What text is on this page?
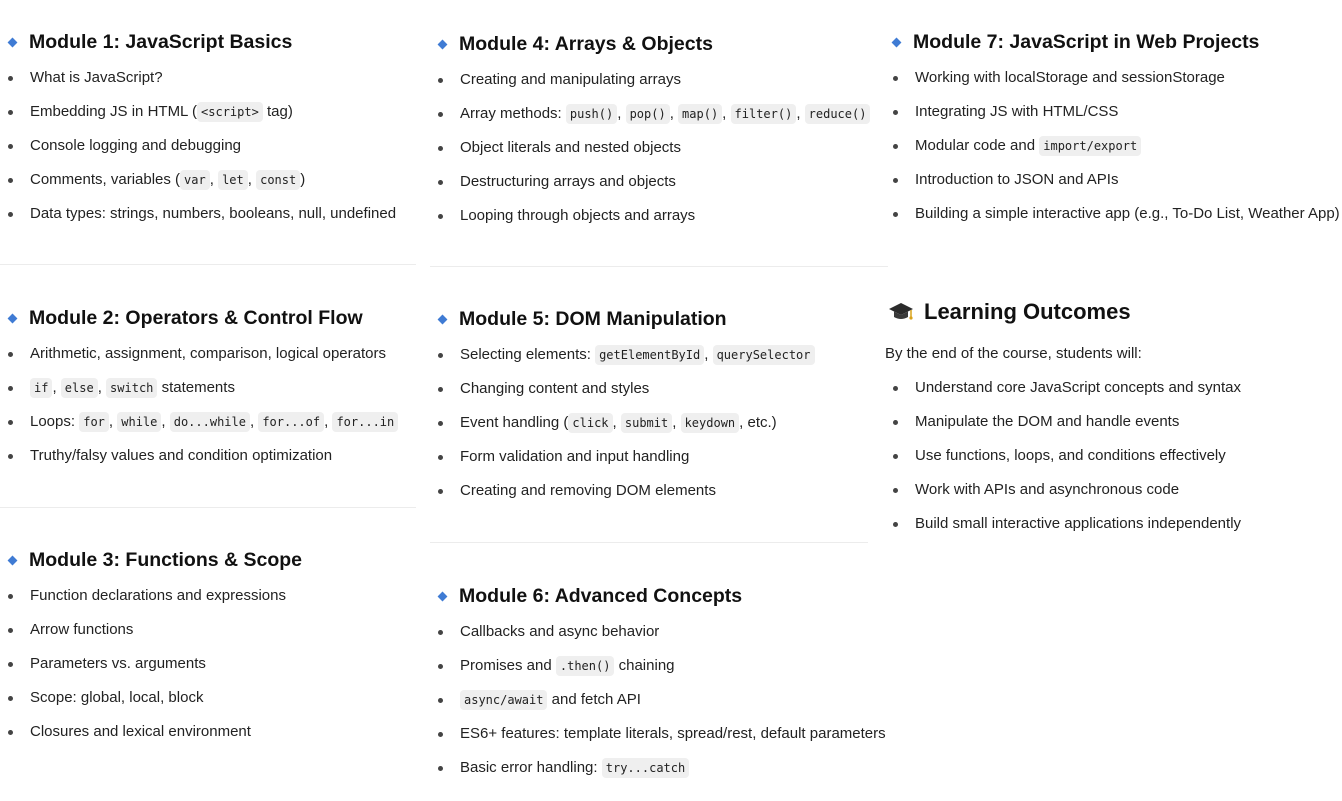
Module 1: JavaScript Basics
What is JavaScript?
Embedding JS in HTML ( <script> tag)
Console logging and debugging
Comments, variables ( var , let , const )
Data types: strings, numbers, booleans, null, undefined
Module 2: Operators & Control Flow
Arithmetic, assignment, comparison, logical operators
if , else , switch statements
Loops: for , while , do...while , for...of , for...in
Truthy/falsy values and condition optimization
Module 3: Functions & Scope
Function declarations and expressions
Arrow functions
Parameters vs. arguments
Scope: global, local, block
Closures and lexical environment
Module 4: Arrays & Objects
Creating and manipulating arrays
Array methods: push() , pop() , map() , filter() , reduce()
Object literals and nested objects
Destructuring arrays and objects
Looping through objects and arrays
Module 5: DOM Manipulation
Selecting elements: getElementById , querySelector
Changing content and styles
Event handling ( click , submit , keydown , etc.)
Form validation and input handling
Creating and removing DOM elements
Module 6: Advanced Concepts
Callbacks and async behavior
Promises and .then() chaining
async/await and fetch API
ES6+ features: template literals, spread/rest, default parameters
Basic error handling: try...catch
Module 7: JavaScript in Web Projects
Working with localStorage and sessionStorage
Integrating JS with HTML/CSS
Modular code and import/export
Introduction to JSON and APIs
Building a simple interactive app (e.g., To-Do List, Weather App)
Learning Outcomes
By the end of the course, students will:
Understand core JavaScript concepts and syntax
Manipulate the DOM and handle events
Use functions, loops, and conditions effectively
Work with APIs and asynchronous code
Build small interactive applications independently
